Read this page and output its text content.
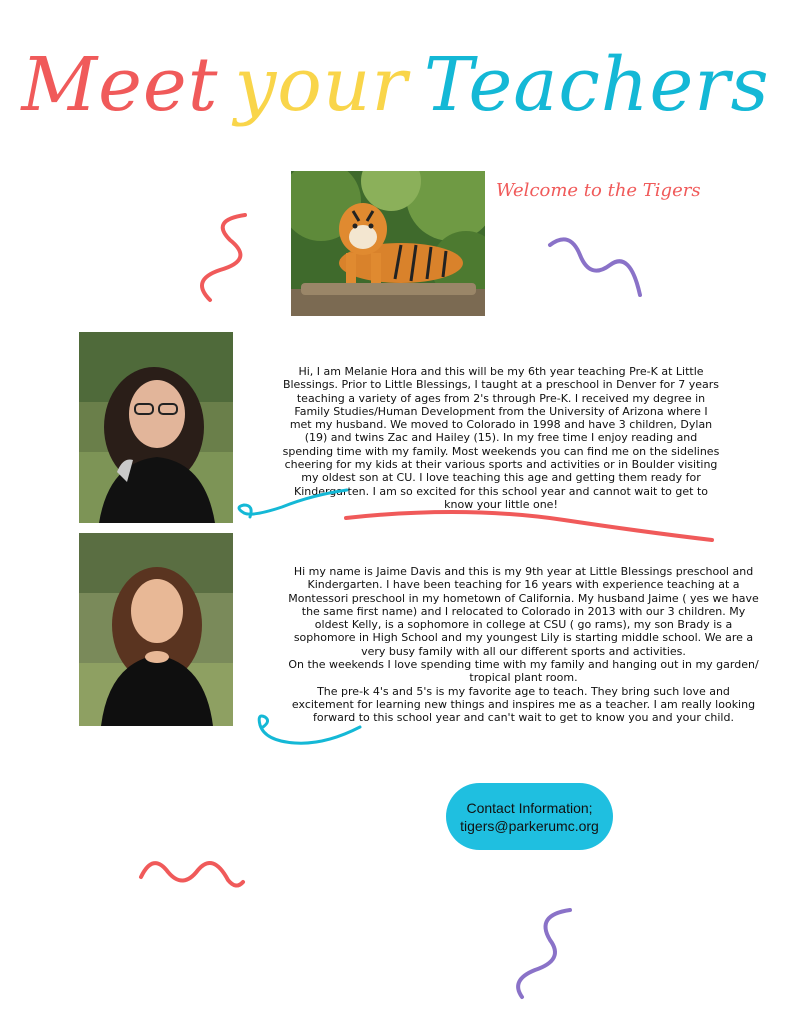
Meet your Teachers
Welcome to the Tigers
Hi, I am Melanie Hora and this will be my 6th year teaching Pre-K at Little Blessings. Prior to Little Blessings, I taught at a preschool in Denver for 7 years teaching a variety of ages from 2's through Pre-K. I received my degree in Family Studies/Human Development from the University of Arizona where I met my husband. We moved to Colorado in 1998 and have 3 children, Dylan (19) and twins Zac and Hailey (15). In my free time I enjoy reading and spending time with my family. Most weekends you can find me on the sidelines cheering for my kids at their various sports and activities or in Boulder visiting my oldest son at CU. I love teaching this age and getting them ready for Kindergarten. I am so excited for this school year and cannot wait to get to know your little one!
Hi my name is Jaime Davis and this is my 9th year at Little Blessings preschool and Kindergarten. I have been teaching for 16 years with experience teaching at a Montessori preschool in my hometown of California. My husband Jaime ( yes we have the same first name) and I relocated to Colorado in 2013 with our 3 children. My oldest Kelly, is a sophomore in college at CSU ( go rams), my son Brady is a sophomore in High School and my youngest Lily is starting middle school. We are a very busy family with all our different sports and activities.
On the weekends I love spending time with my family and hanging out in my garden/ tropical plant room.
The pre-k 4's and 5's is my favorite age to teach. They bring such love and excitement for learning new things and inspires me as a teacher. I am really looking forward to this school year and can't wait to get to know you and your child.
Contact Information;
tigers@parkerumc.org
